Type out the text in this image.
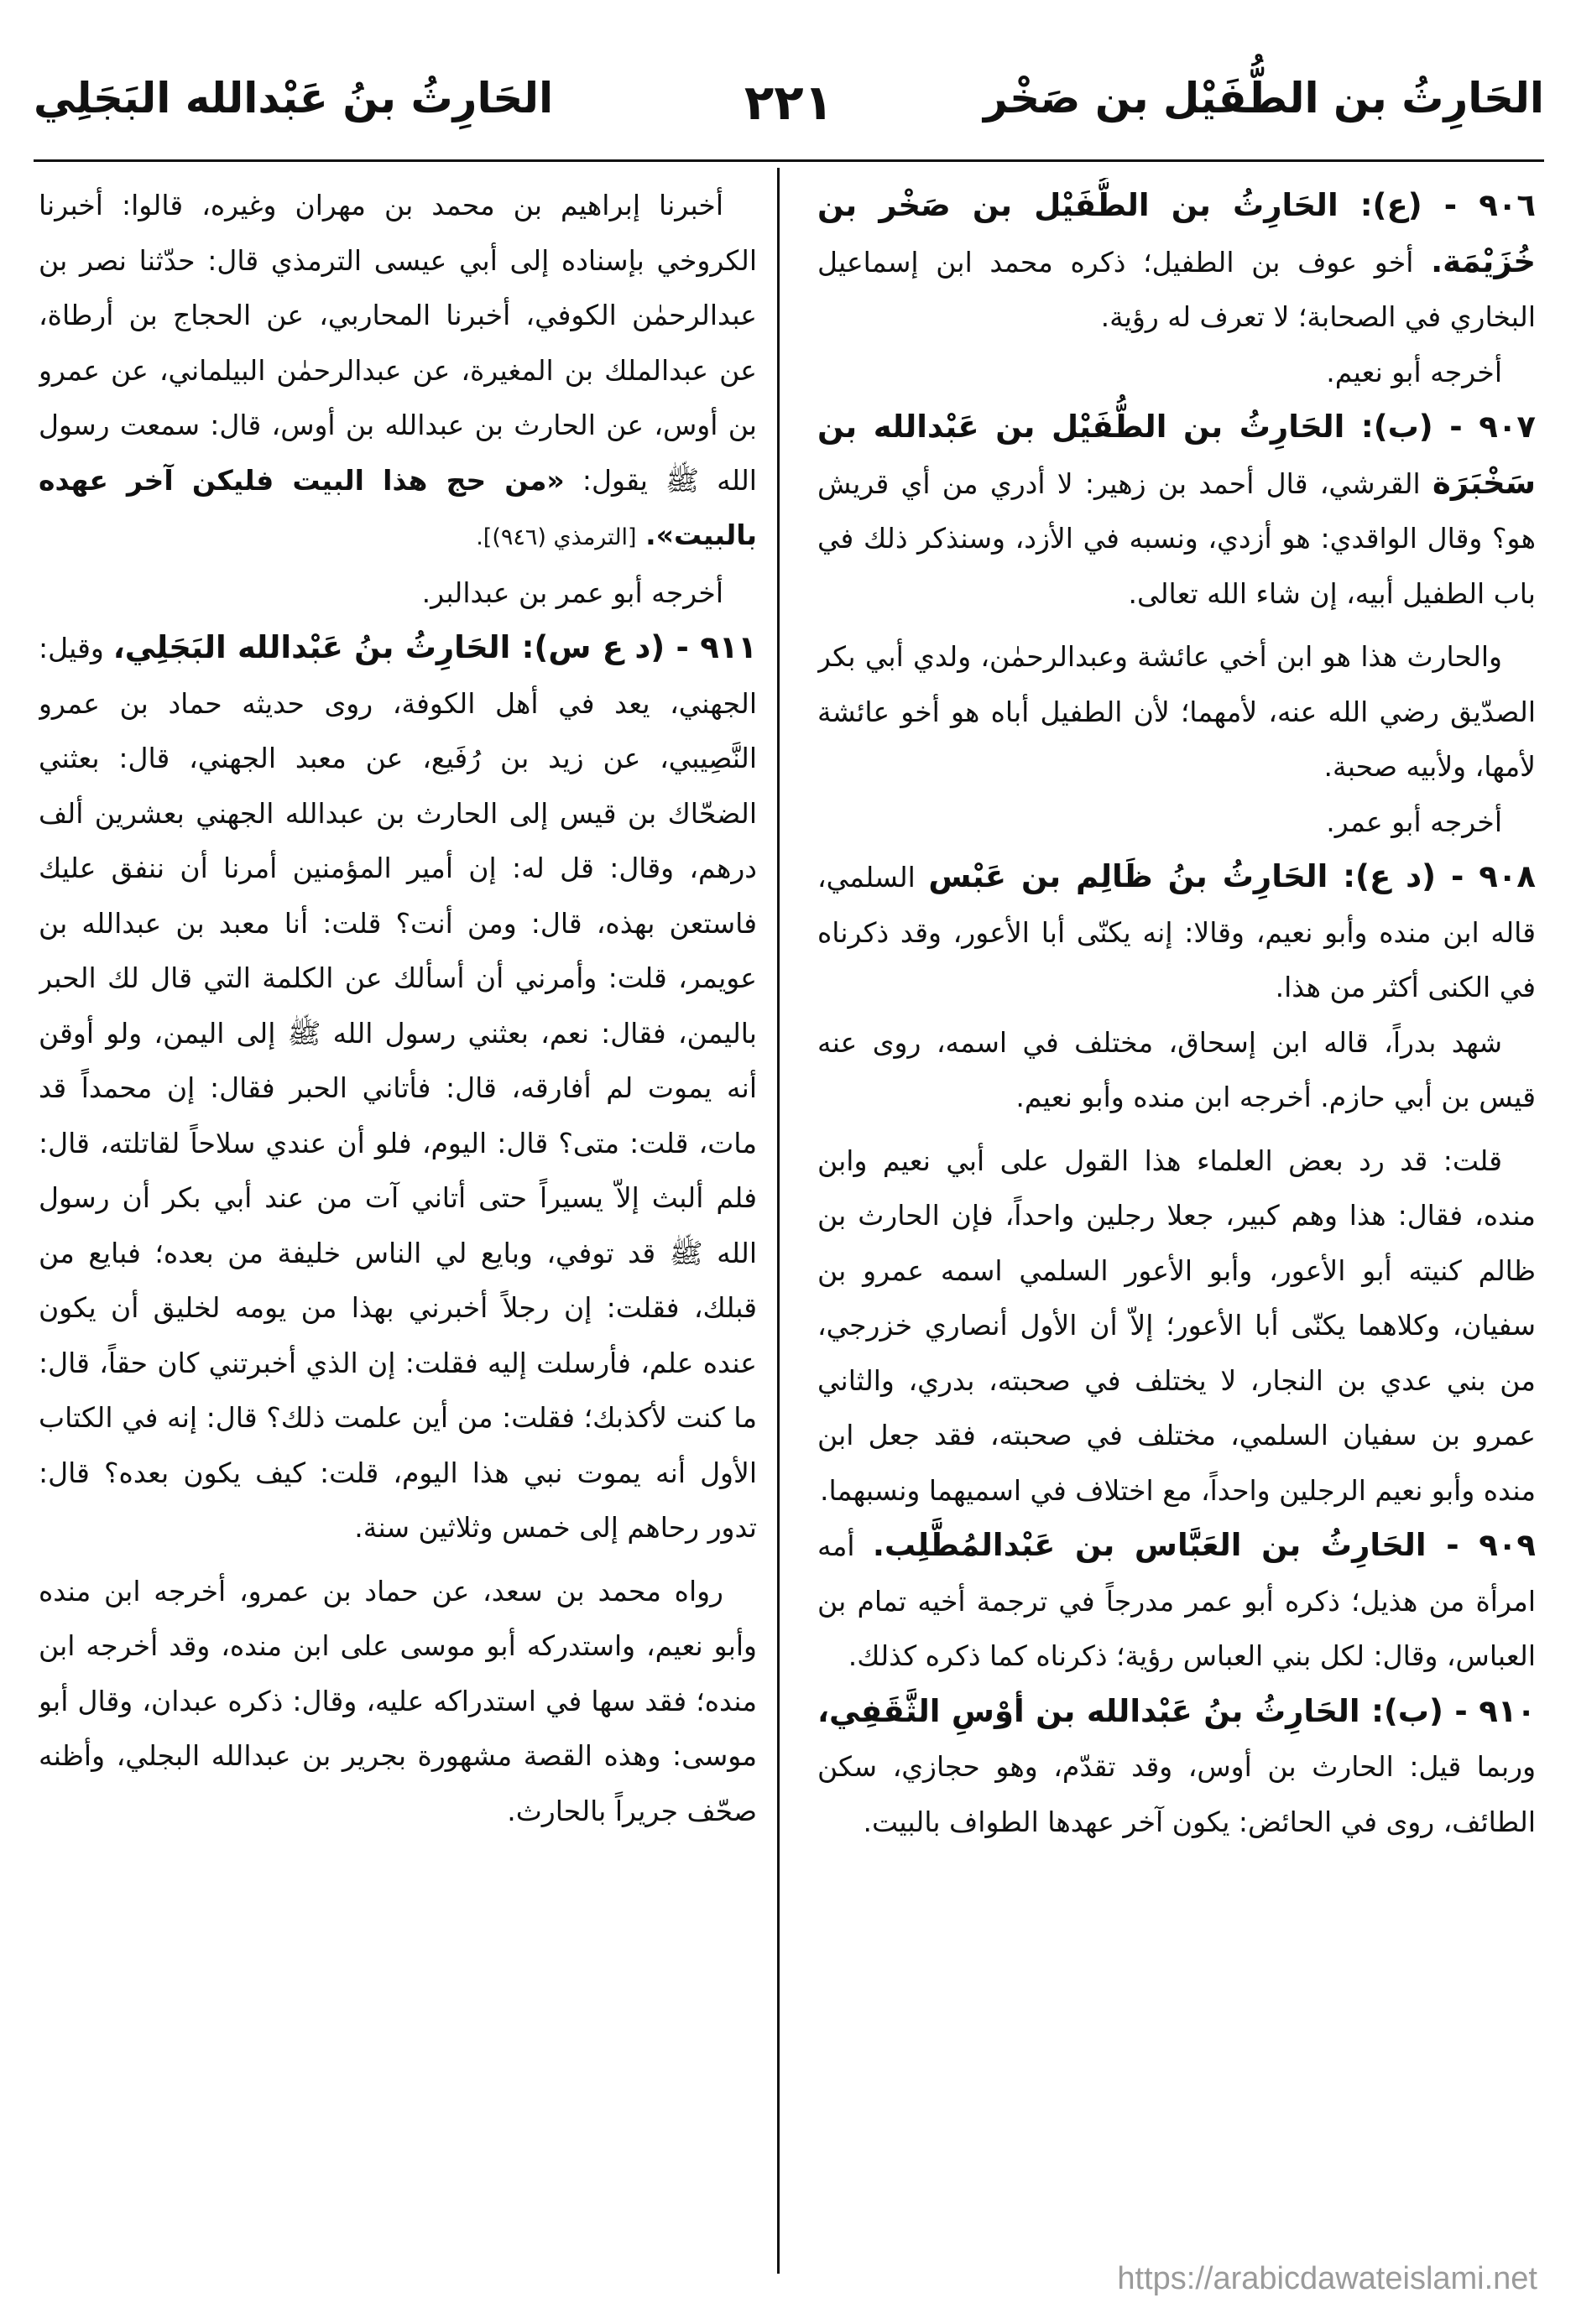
الحَارِثُ بن الطُّفَيْل بن صَخْر
٢٢١
الحَارِثُ بنُ عَبْدالله البَجَلِي

٩٠٦ - (ع): الحَارِثُ بن الطُّفَيْل بن صَخْر بن خُزَيْمَة. أخو عوف بن الطفيل؛ ذكره محمد ابن إسماعيل البخاري في الصحابة؛ لا تعرف له رؤية.

أخرجه أبو نعيم.

٩٠٧ - (ب): الحَارِثُ بن الطُّفَيْل بن عَبْدالله بن سَخْبَرَة القرشي، قال أحمد بن زهير: لا أدري من أي قريش هو؟ وقال الواقدي: هو أزدي، ونسبه في الأزد، وسنذكر ذلك في باب الطفيل أبيه، إن شاء الله تعالى.

والحارث هذا هو ابن أخي عائشة وعبدالرحمٰن، ولدي أبي بكر الصدّيق رضي الله عنه، لأمهما؛ لأن الطفيل أباه هو أخو عائشة لأمها، ولأبيه صحبة.

أخرجه أبو عمر.

٩٠٨ - (د ع): الحَارِثُ بنُ ظَالِم بن عَبْس السلمي، قاله ابن منده وأبو نعيم، وقالا: إنه يكنّى أبا الأعور، وقد ذكرناه في الكنى أكثر من هذا.

شهد بدراً، قاله ابن إسحاق، مختلف في اسمه، روى عنه قيس بن أبي حازم. أخرجه ابن منده وأبو نعيم.

قلت: قد رد بعض العلماء هذا القول على أبي نعيم وابن منده، فقال: هذا وهم كبير، جعلا رجلين واحداً، فإن الحارث بن ظالم كنيته أبو الأعور، وأبو الأعور السلمي اسمه عمرو بن سفيان، وكلاهما يكنّى أبا الأعور؛ إلاّ أن الأول أنصاري خزرجي، من بني عدي بن النجار، لا يختلف في صحبته، بدري، والثاني عمرو بن سفيان السلمي، مختلف في صحبته، فقد جعل ابن منده وأبو نعيم الرجلين واحداً، مع اختلاف في اسميهما ونسبهما.

٩٠٩ - الحَارِثُ بن العَبَّاس بن عَبْدالمُطَّلِب. أمه امرأة من هذيل؛ ذكره أبو عمر مدرجاً في ترجمة أخيه تمام بن العباس، وقال: لكل بني العباس رؤية؛ ذكرناه كما ذكره كذلك.

٩١٠ - (ب): الحَارِثُ بنُ عَبْدالله بن أوْسِ الثَّقَفِي، وربما قيل: الحارث بن أوس، وقد تقدّم، وهو حجازي، سكن الطائف، روى في الحائض: يكون آخر عهدها الطواف بالبيت.

أخبرنا إبراهيم بن محمد بن مهران وغيره، قالوا: أخبرنا الكروخي بإسناده إلى أبي عيسى الترمذي قال: حدّثنا نصر بن عبدالرحمٰن الكوفي، أخبرنا المحاربي، عن الحجاج بن أرطاة، عن عبدالملك بن المغيرة، عن عبدالرحمٰن البيلماني، عن عمرو بن أوس، عن الحارث بن عبدالله بن أوس، قال: سمعت رسول الله ﷺ يقول: «من حج هذا البيت فليكن آخر عهده بالبيت». [الترمذي (٩٤٦)].

أخرجه أبو عمر بن عبدالبر.

٩١١ - (د ع س): الحَارِثُ بنُ عَبْدالله البَجَلِي، وقيل: الجهني، يعد في أهل الكوفة، روى حديثه حماد بن عمرو النَّصِيبي، عن زيد بن رُفَيع، عن معبد الجهني، قال: بعثني الضحّاك بن قيس إلى الحارث بن عبدالله الجهني بعشرين ألف درهم، وقال: قل له: إن أمير المؤمنين أمرنا أن ننفق عليك فاستعن بهذه، قال: ومن أنت؟ قلت: أنا معبد بن عبدالله بن عويمر، قلت: وأمرني أن أسألك عن الكلمة التي قال لك الحبر باليمن، فقال: نعم، بعثني رسول الله ﷺ إلى اليمن، ولو أوقن أنه يموت لم أفارقه، قال: فأتاني الحبر فقال: إن محمداً قد مات، قلت: متى؟ قال: اليوم، فلو أن عندي سلاحاً لقاتلته، قال: فلم ألبث إلاّ يسيراً حتى أتاني آت من عند أبي بكر أن رسول الله ﷺ قد توفي، وبايع لي الناس خليفة من بعده؛ فبايع من قبلك، فقلت: إن رجلاً أخبرني بهذا من يومه لخليق أن يكون عنده علم، فأرسلت إليه فقلت: إن الذي أخبرتني كان حقاً، قال: ما كنت لأكذبك؛ فقلت: من أين علمت ذلك؟ قال: إنه في الكتاب الأول أنه يموت نبي هذا اليوم، قلت: كيف يكون بعده؟ قال: تدور رحاهم إلى خمس وثلاثين سنة.

رواه محمد بن سعد، عن حماد بن عمرو، أخرجه ابن منده وأبو نعيم، واستدركه أبو موسى على ابن منده، وقد أخرجه ابن منده؛ فقد سها في استدراكه عليه، وقال: ذكره عبدان، وقال أبو موسى: وهذه القصة مشهورة بجرير بن عبدالله البجلي، وأظنه صحّف جريراً بالحارث.

https://arabicdawateislami.net
